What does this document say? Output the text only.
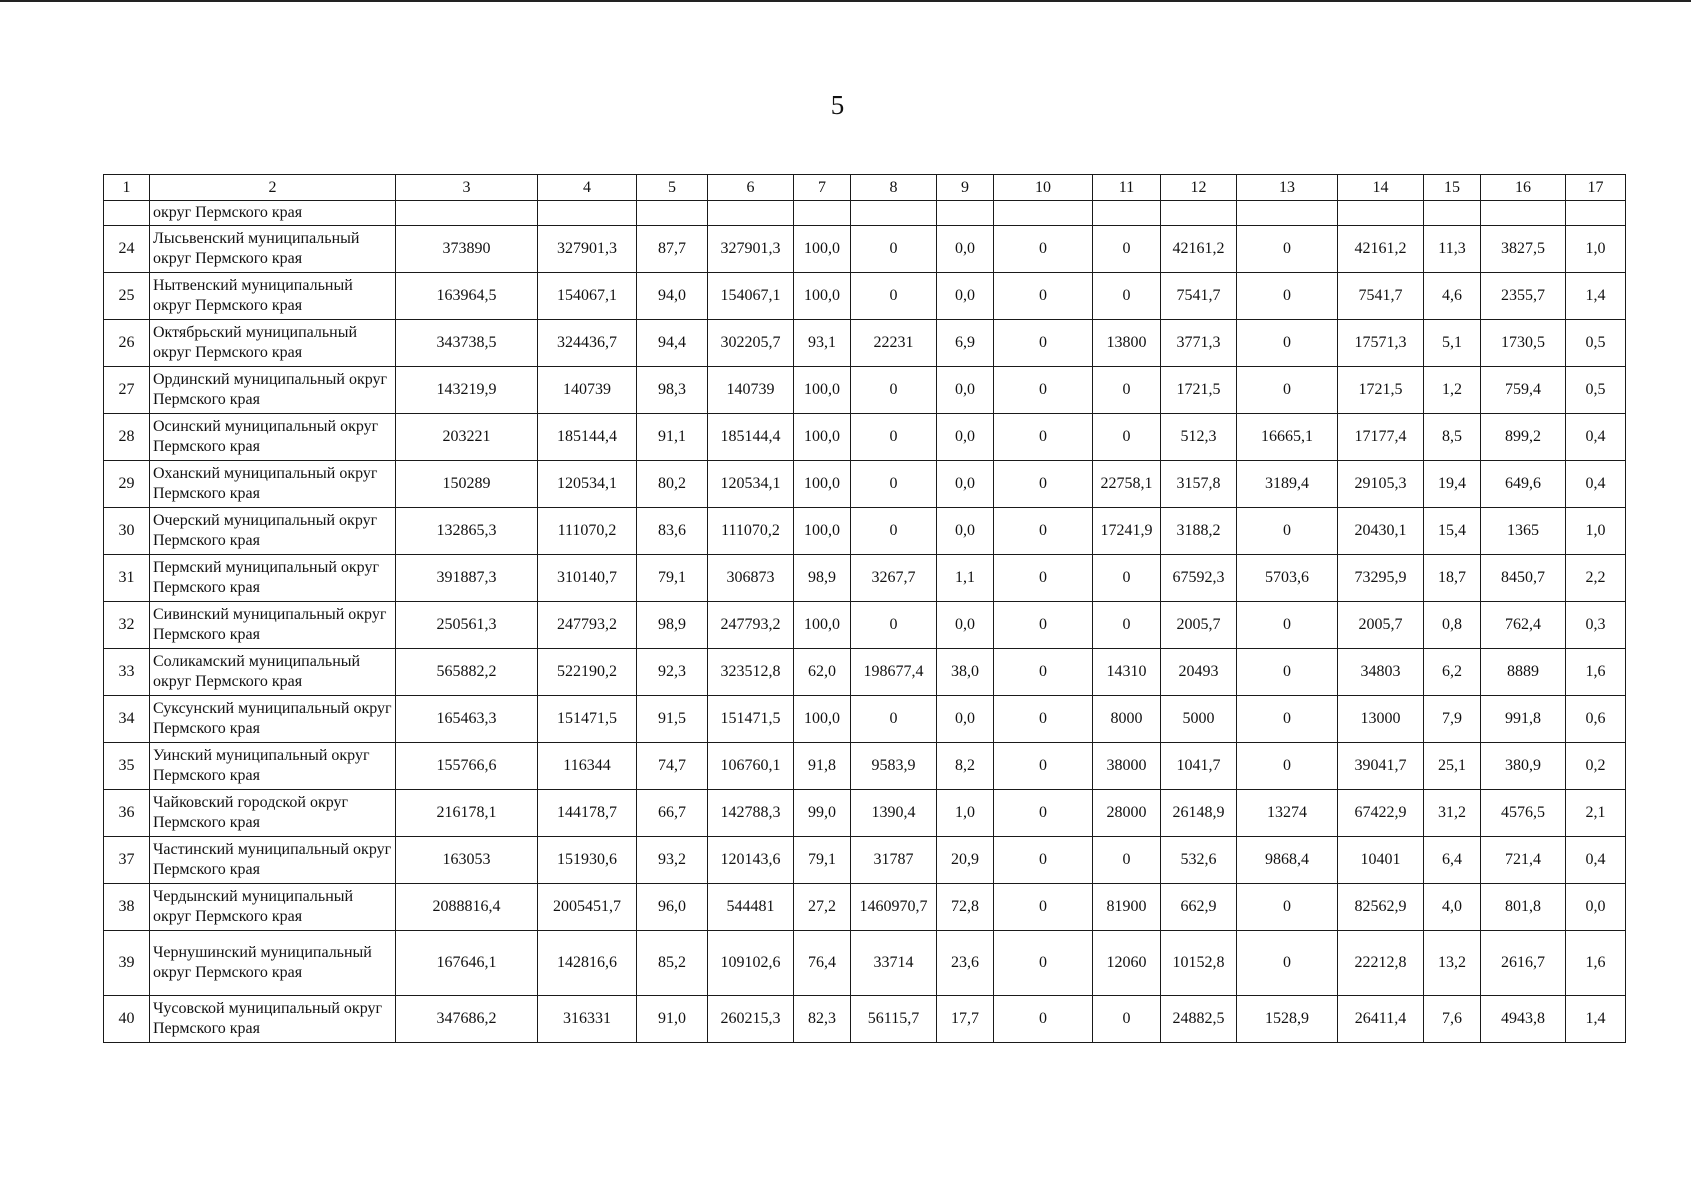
5
1	2	3	4	5	6	7	8	9	10	11	12	13	14	15	16	17
	округ Пермского края															
24	Лысьвенский муниципальный округ Пермского края	373890	327901,3	87,7	327901,3	100,0	0	0,0	0	0	42161,2	0	42161,2	11,3	3827,5	1,0
25	Нытвенский муниципальный округ Пермского края	163964,5	154067,1	94,0	154067,1	100,0	0	0,0	0	0	7541,7	0	7541,7	4,6	2355,7	1,4
26	Октябрьский муниципальный округ Пермского края	343738,5	324436,7	94,4	302205,7	93,1	22231	6,9	0	13800	3771,3	0	17571,3	5,1	1730,5	0,5
27	Ординский муниципальный округ Пермского края	143219,9	140739	98,3	140739	100,0	0	0,0	0	0	1721,5	0	1721,5	1,2	759,4	0,5
28	Осинский муниципальный округ Пермского края	203221	185144,4	91,1	185144,4	100,0	0	0,0	0	0	512,3	16665,1	17177,4	8,5	899,2	0,4
29	Оханский муниципальный округ Пермского края	150289	120534,1	80,2	120534,1	100,0	0	0,0	0	22758,1	3157,8	3189,4	29105,3	19,4	649,6	0,4
30	Очерский муниципальный округ Пермского края	132865,3	111070,2	83,6	111070,2	100,0	0	0,0	0	17241,9	3188,2	0	20430,1	15,4	1365	1,0
31	Пермский муниципальный округ Пермского края	391887,3	310140,7	79,1	306873	98,9	3267,7	1,1	0	0	67592,3	5703,6	73295,9	18,7	8450,7	2,2
32	Сивинский муниципальный округ Пермского края	250561,3	247793,2	98,9	247793,2	100,0	0	0,0	0	0	2005,7	0	2005,7	0,8	762,4	0,3
33	Соликамский муниципальный округ Пермского края	565882,2	522190,2	92,3	323512,8	62,0	198677,4	38,0	0	14310	20493	0	34803	6,2	8889	1,6
34	Суксунский муниципальный округ Пермского края	165463,3	151471,5	91,5	151471,5	100,0	0	0,0	0	8000	5000	0	13000	7,9	991,8	0,6
35	Уинский муниципальный округ Пермского края	155766,6	116344	74,7	106760,1	91,8	9583,9	8,2	0	38000	1041,7	0	39041,7	25,1	380,9	0,2
36	Чайковский городской округ Пермского края	216178,1	144178,7	66,7	142788,3	99,0	1390,4	1,0	0	28000	26148,9	13274	67422,9	31,2	4576,5	2,1
37	Частинский муниципальный округ Пермского края	163053	151930,6	93,2	120143,6	79,1	31787	20,9	0	0	532,6	9868,4	10401	6,4	721,4	0,4
38	Чердынский муниципальный округ Пермского края	2088816,4	2005451,7	96,0	544481	27,2	1460970,7	72,8	0	81900	662,9	0	82562,9	4,0	801,8	0,0
39	Чернушинский муниципальный округ Пермского края	167646,1	142816,6	85,2	109102,6	76,4	33714	23,6	0	12060	10152,8	0	22212,8	13,2	2616,7	1,6
40	Чусовской муниципальный округ Пермского края	347686,2	316331	91,0	260215,3	82,3	56115,7	17,7	0	0	24882,5	1528,9	26411,4	7,6	4943,8	1,4
